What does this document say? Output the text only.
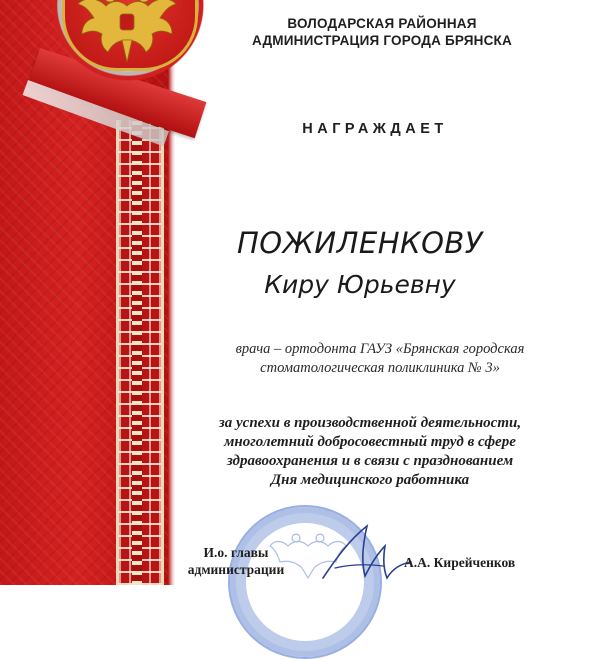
ВОЛОДАРСКАЯ РАЙОННАЯ
АДМИНИСТРАЦИЯ ГОРОДА БРЯНСКА
НАГРАЖДАЕТ
ПОЖИЛЕНКОВУ
Киру Юрьевну
врача – ортодонта ГАУЗ «Брянская городская
стоматологическая поликлиника № 3»
за успехи в производственной деятельности,
многолетний добросовестный труд в сфере
здравоохранения и в связи с празднованием
Дня медицинского работника
И.о. главы
администрации	А.А. Кирейченков
